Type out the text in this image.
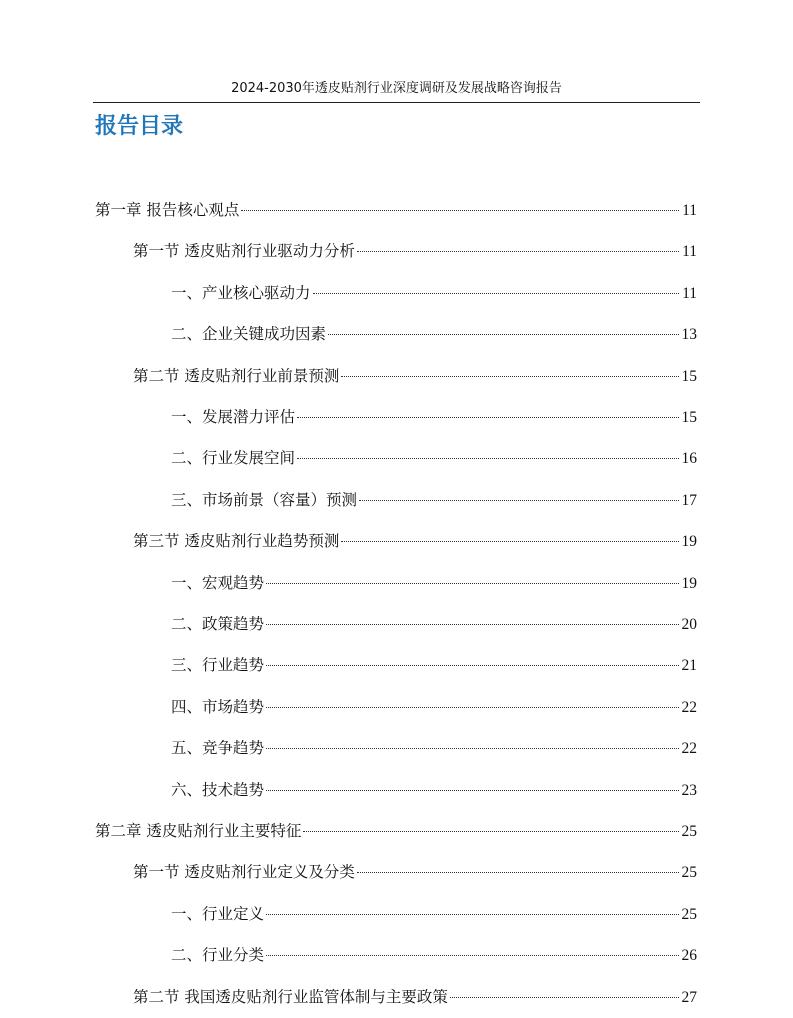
2024-2030年透皮贴剂行业深度调研及发展战略咨询报告
报告目录
第一章 报告核心观点	11
第一节 透皮贴剂行业驱动力分析	11
一、产业核心驱动力	11
二、企业关键成功因素	13
第二节 透皮贴剂行业前景预测	15
一、发展潜力评估	15
二、行业发展空间	16
三、市场前景（容量）预测	17
第三节 透皮贴剂行业趋势预测	19
一、宏观趋势	19
二、政策趋势	20
三、行业趋势	21
四、市场趋势	22
五、竞争趋势	22
六、技术趋势	23
第二章 透皮贴剂行业主要特征	25
第一节 透皮贴剂行业定义及分类	25
一、行业定义	25
二、行业分类	26
第二节 我国透皮贴剂行业监管体制与主要政策	27
